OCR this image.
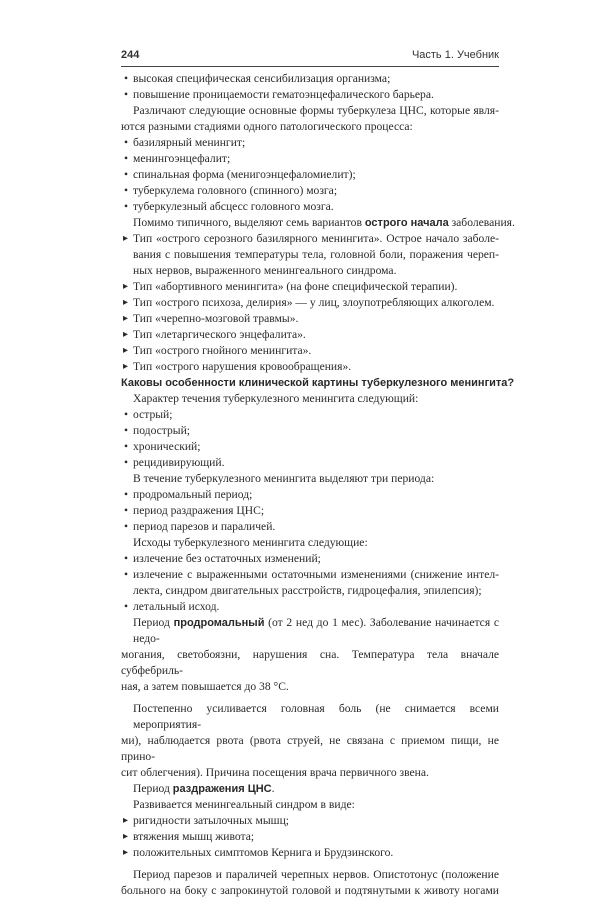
244	Часть 1. Учебник
• высокая специфическая сенсибилизация организма;
• повышение проницаемости гематоэнцефалического барьера.
Различают следующие основные формы туберкулеза ЦНС, которые явля-
ются разными стадиями одного патологического процесса:
• базилярный менингит;
• менингоэнцефалит;
• спинальная форма (менигоэнцефаломиелит);
• туберкулема головного (спинного) мозга;
• туберкулезный абсцесс головного мозга.
Помимо типичного, выделяют семь вариантов острого начала заболевания.
▸ Тип «острого серозного базилярного менингита». Острое начало заболе-
вания с повышения температуры тела, головной боли, поражения череп-
ных нервов, выраженного менингеального синдрома.
▸ Тип «абортивного менингита» (на фоне специфической терапии).
▸ Тип «острого психоза, делирия» — у лиц, злоупотребляющих алкоголем.
▸ Тип «черепно-мозговой травмы».
▸ Тип «летаргического энцефалита».
▸ Тип «острого гнойного менингита».
▸ Тип «острого нарушения кровообращения».
Каковы особенности клинической картины туберкулезного менингита?
Характер течения туберкулезного менингита следующий:
• острый;
• подострый;
• хронический;
• рецидивирующий.
В течение туберкулезного менингита выделяют три периода:
• продромальный период;
• период раздражения ЦНС;
• период парезов и параличей.
Исходы туберкулезного менингита следующие:
• излечение без остаточных изменений;
• излечение с выраженными остаточными изменениями (снижение интел-
лекта, синдром двигательных расстройств, гидроцефалия, эпилепсия);
• летальный исход.
Период продромальный (от 2 нед до 1 мес). Заболевание начинается с недо-
могания, светобоязни, нарушения сна. Температура тела вначале субфебриль-
ная, а затем повышается до 38 °С.
Постепенно усиливается головная боль (не снимается всеми мероприятия-
ми), наблюдается рвота (рвота струей, не связана с приемом пищи, не прино-
сит облегчения). Причина посещения врача первичного звена.
Период раздражения ЦНС.
Развивается менингеальный синдром в виде:
▸ ригидности затылочных мышц;
▸ втяжения мышц живота;
▸ положительных симптомов Кернига и Брудзинского.
Период парезов и параличей черепных нервов. Опистотонус (положение
больного на боку с запрокинутой головой и подтянутыми к животу ногами
